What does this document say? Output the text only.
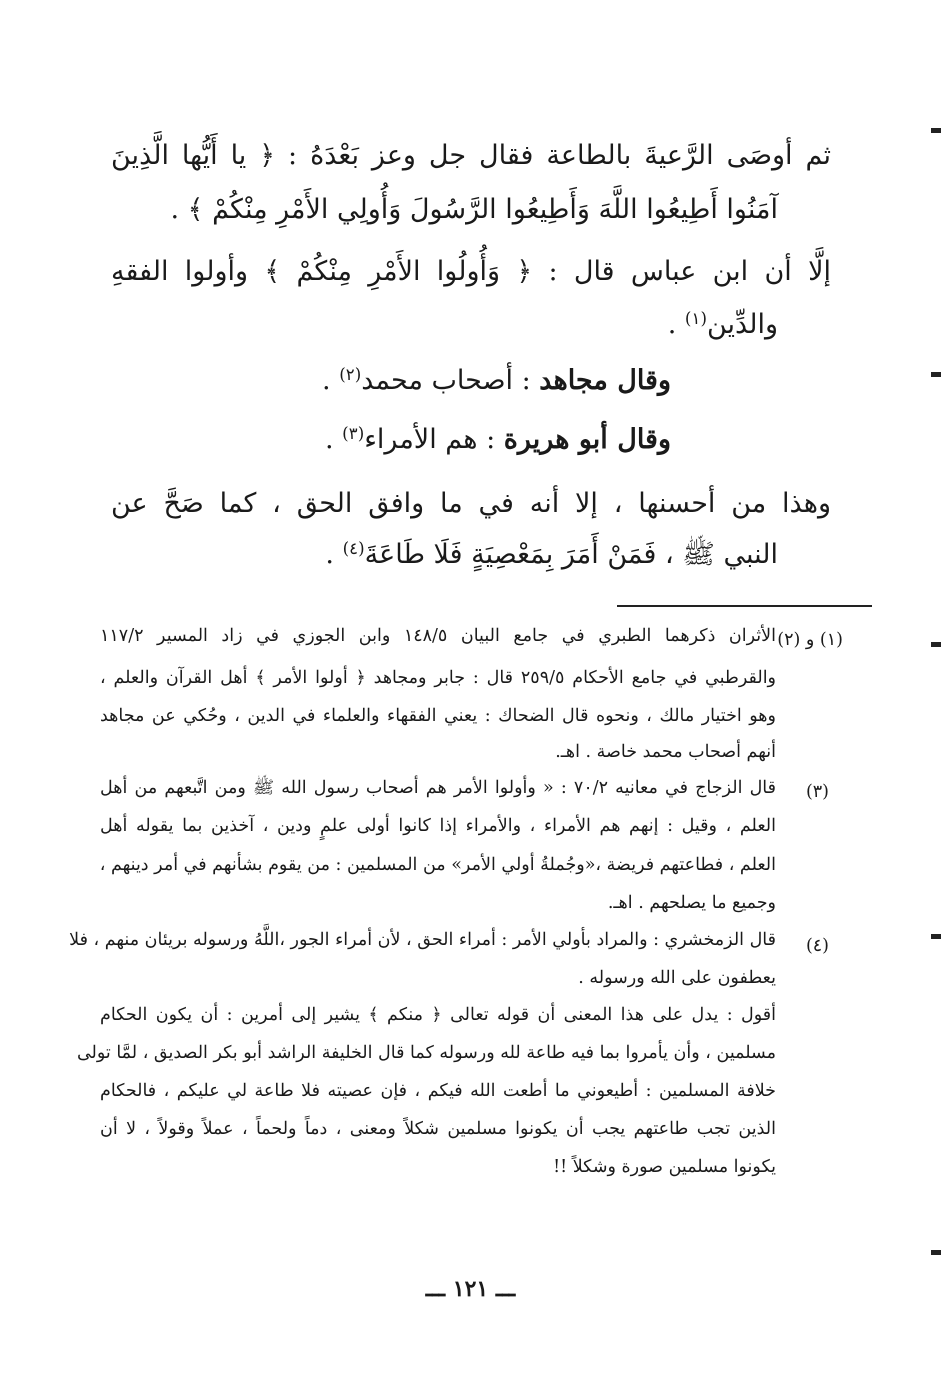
ثم أوصَى الرَّعيةَ بالطاعة فقال جل وعز بَعْدَهُ : ﴿ يا أَيُّها الَّذِينَ
آمَنُوا أَطِيعُوا اللَّهَ وَأَطِيعُوا الرَّسُولَ وَأُولِي الأَمْرِ مِنْكُمْ ﴾ .
إلَّا أن ابن عباس قال : ﴿ وَأُولُوا الأَمْرِ مِنْكُمْ ﴾ وأولوا الفقهِ
والدِّين$^{(١)}$ .
وقال مجاهد : أصحاب محمد$^{(٢)}$ .
وقال أبو هريرة : هم الأمراء$^{(٣)}$ .
وهذا من أحسنها ، إلا أنه في ما وافق الحق ، كما صَحَّ عن
النبي ﷺ ، فَمَنْ أَمَرَ بِمَعْصِيَةٍ فَلَا طَاعَةَ$^{(٤)}$ .
(١) و (٢)
الأثران ذكرهما الطبري في جامع البيان ١٤٨/٥ وابن الجوزي في زاد المسير ١١٧/٢
والقرطبي في جامع الأحكام ٢٥٩/٥ قال : جابر ومجاهد ﴿ أولوا الأمر ﴾ أهل القرآن والعلم ،
وهو اختيار مالك ، ونحوه قال الضحاك : يعني الفقهاء والعلماء في الدين ، وحُكي عن مجاهد
أنهم أصحاب محمد خاصة . اهـ.
(٣)
قال الزجاج في معانيه ٧٠/٢ : « وأولوا الأمر هم أصحاب رسول الله ﷺ ومن اتَّبعهم من أهل
العلم ، وقيل : إنهم هم الأمراء ، والأمراء إذا كانوا أولى علمٍ ودين ، آخذين بما يقوله أهل
العلم ، فطاعتهم فريضة ،«وجُملةُ أولي الأمر» من المسلمين : من يقوم بشأنهم في أمر دينهم ،
وجميع ما يصلحهم . اهـ.
(٤)
قال الزمخشري : والمراد بأولي الأمر : أمراء الحق ، لأن أمراء الجور ،اللَّهُ ورسوله بريئان منهم ، فلا
يعطفون على الله ورسوله .
أقول : يدل على هذا المعنى أن قوله تعالى ﴿ منكم ﴾ يشير إلى أمرين : أن يكون الحكام
مسلمين ، وأن يأمروا بما فيه طاعة لله ورسوله كما قال الخليفة الراشد أبو بكر الصديق ، لمَّا تولى
خلافة المسلمين : أطيعوني ما أطعت الله فيكم ، فإن عصيته فلا طاعة لي عليكم ، فالحكام
الذين تجب طاعتهم يجب أن يكونوا مسلمين شكلاً ومعنى ، دماً ولحماً ، عملاً وقولاً ، لا أن
يكونوا مسلمين صورة وشكلاً !!
ـــ ١٢١ ـــ
